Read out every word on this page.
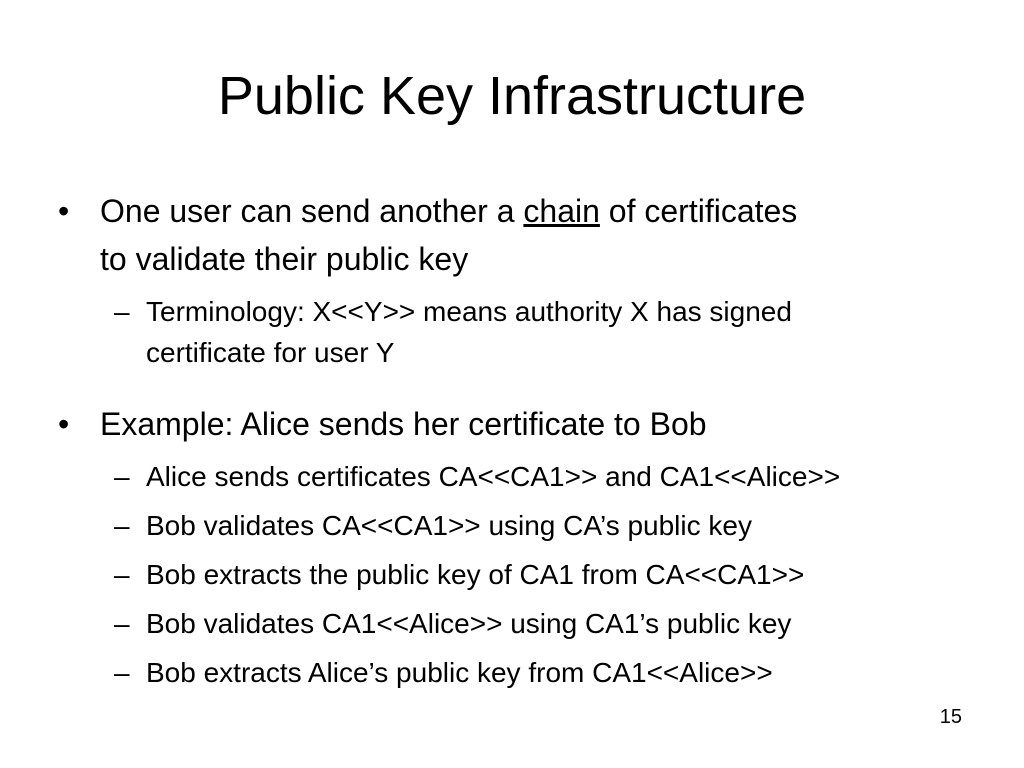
Public Key Infrastructure
• One user can send another a chain of certificates
to validate their public key
– Terminology: X<<Y>> means authority X has signed
certificate for user Y
• Example: Alice sends her certificate to Bob
– Alice sends certificates CA<<CA1>> and CA1<<Alice>>
– Bob validates CA<<CA1>> using CA’s public key
– Bob extracts the public key of CA1 from CA<<CA1>>
– Bob validates CA1<<Alice>> using CA1’s public key
– Bob extracts Alice’s public key from CA1<<Alice>>
15
